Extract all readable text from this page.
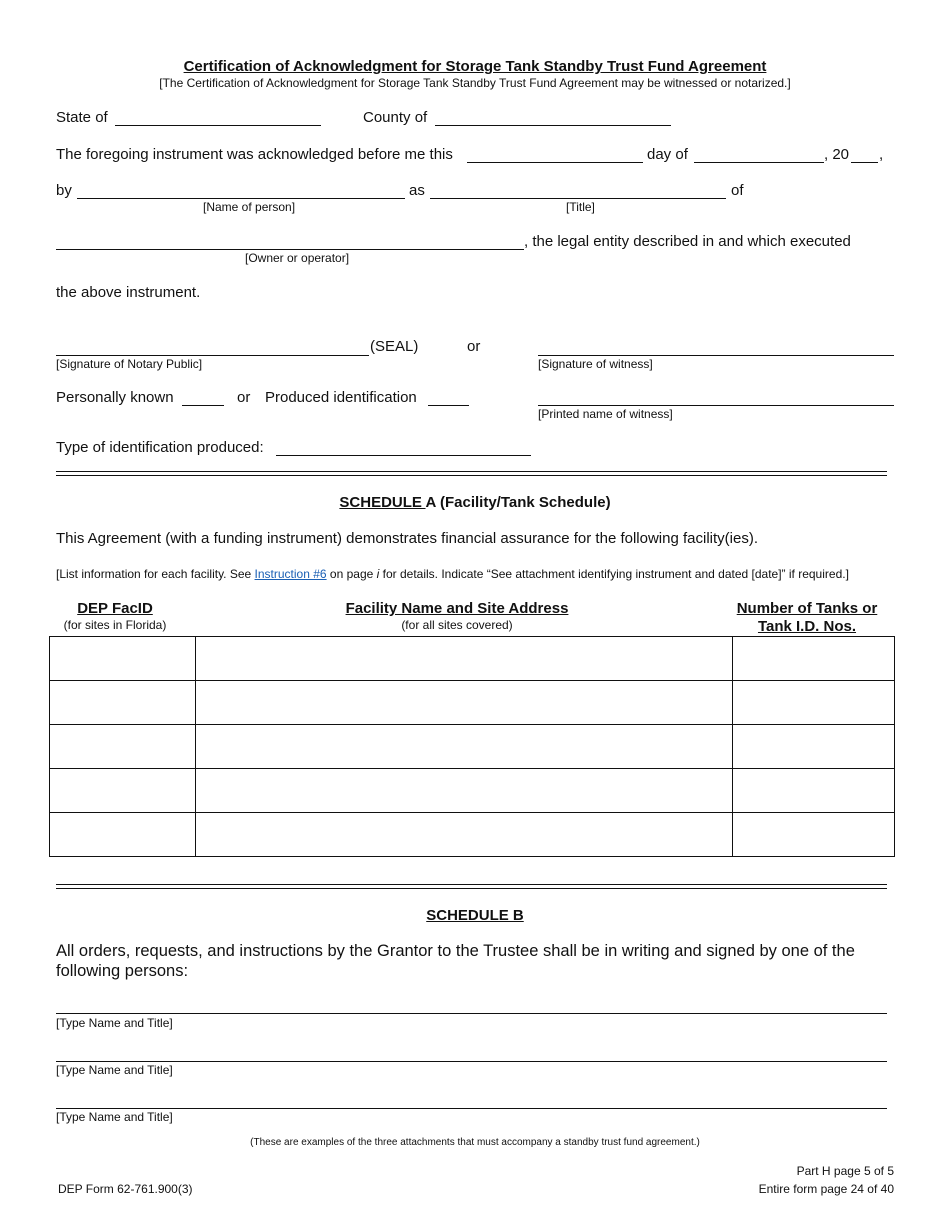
Certification of Acknowledgment for Storage Tank Standby Trust Fund Agreement
[The Certification of Acknowledgment for Storage Tank Standby Trust Fund Agreement may be witnessed or notarized.]
State of	County of
The foregoing instrument was acknowledged before me this	day of	, 20 ,
by	as	of
[Name of person]	[Title]
, the legal entity described in and which executed
[Owner or operator]
the above instrument.
(SEAL)	or
[Signature of Notary Public]	[Signature of witness]
Personally known	or Produced identification
[Printed name of witness]
Type of identification produced:
SCHEDULE A (Facility/Tank Schedule)
This Agreement (with a funding instrument) demonstrates financial assurance for the following facility(ies).
[List information for each facility. See Instruction #6 on page i for details. Indicate “See attachment identifying instrument and dated [date]” if required.]
DEP FacID
(for sites in Florida)
Facility Name and Site Address
(for all sites covered)
Number of Tanks or
Tank I.D. Nos.

SCHEDULE B
All orders, requests, and instructions by the Grantor to the Trustee shall be in writing and signed by one of the following persons:
[Type Name and Title]
[Type Name and Title]
[Type Name and Title]
(These are examples of the three attachments that must accompany a standby trust fund agreement.)
Part H page 5 of 5
DEP Form 62-761.900(3)	Entire form page 24 of 40
